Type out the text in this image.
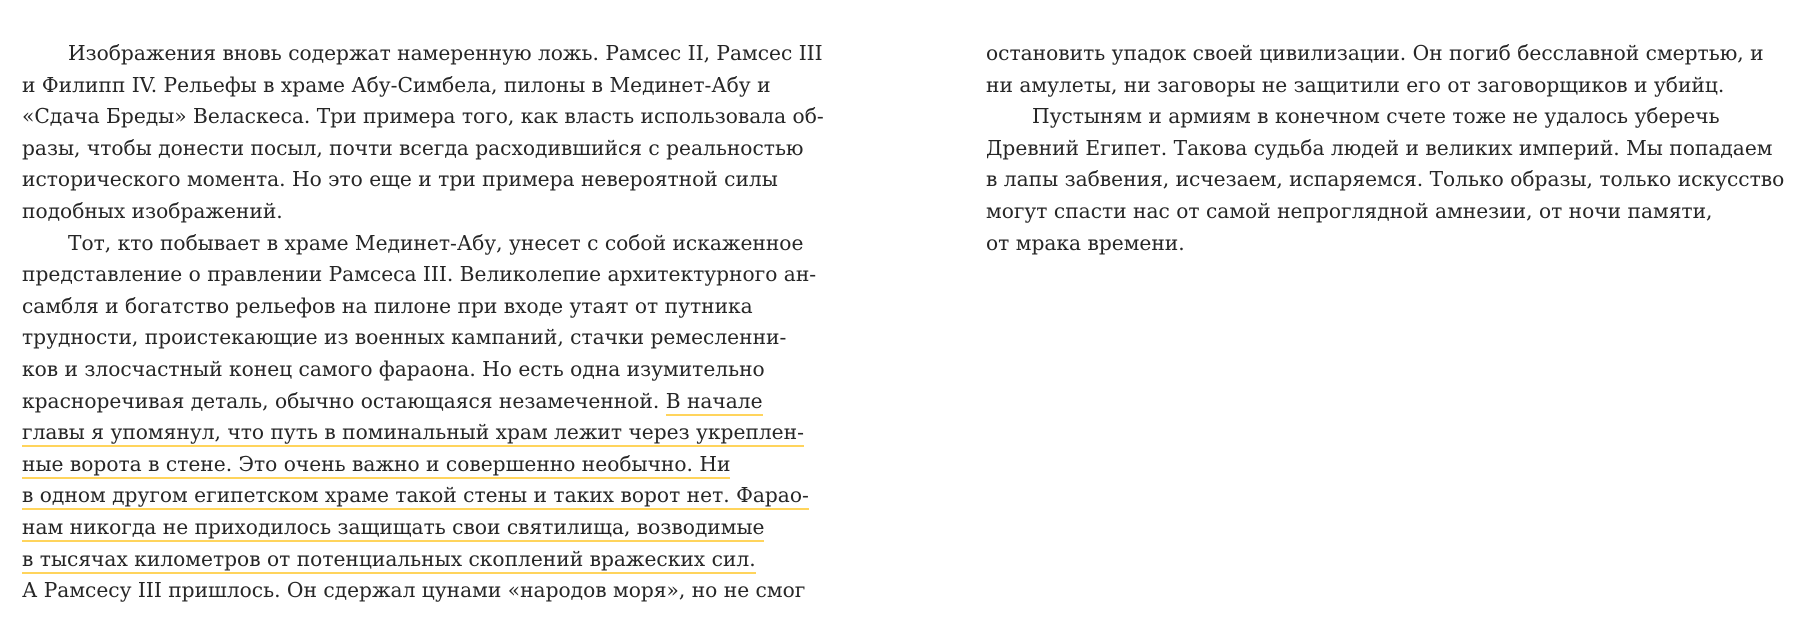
Изображения вновь содержат намеренную ложь. Рамсес II, Рамсес III
и Филипп IV. Рельефы в храме Абу-Симбела, пилоны в Мединет-Абу и
«Сдача Бреды» Веласкеса. Три примера того, как власть использовала об-
разы, чтобы донести посыл, почти всегда расходившийся с реальностью
исторического момента. Но это еще и три примера невероятной силы
подобных изображений.
Тот, кто побывает в храме Мединет-Абу, унесет с собой искаженное
представление о правлении Рамсеса III. Великолепие архитектурного ан-
самбля и богатство рельефов на пилоне при входе утаят от путника
трудности, проистекающие из военных кампаний, стачки ремесленни-
ков и злосчастный конец самого фараона. Но есть одна изумительно
красноречивая деталь, обычно остающаяся незамеченной. В начале
главы я упомянул, что путь в поминальный храм лежит через укреплен-
ные ворота в стене. Это очень важно и совершенно необычно. Ни
в одном другом египетском храме такой стены и таких ворот нет. Фарао-
нам никогда не приходилось защищать свои святилища, возводимые
в тысячах километров от потенциальных скоплений вражеских сил.
А Рамсесу III пришлось. Он сдержал цунами «народов моря», но не смог
остановить упадок своей цивилизации. Он погиб бесславной смертью, и
ни амулеты, ни заговоры не защитили его от заговорщиков и убийц.
Пустыням и армиям в конечном счете тоже не удалось уберечь
Древний Египет. Такова судьба людей и великих империй. Мы попадаем
в лапы забвения, исчезаем, испаряемся. Только образы, только искусство
могут спасти нас от самой непроглядной амнезии, от ночи памяти,
от мрака времени.
